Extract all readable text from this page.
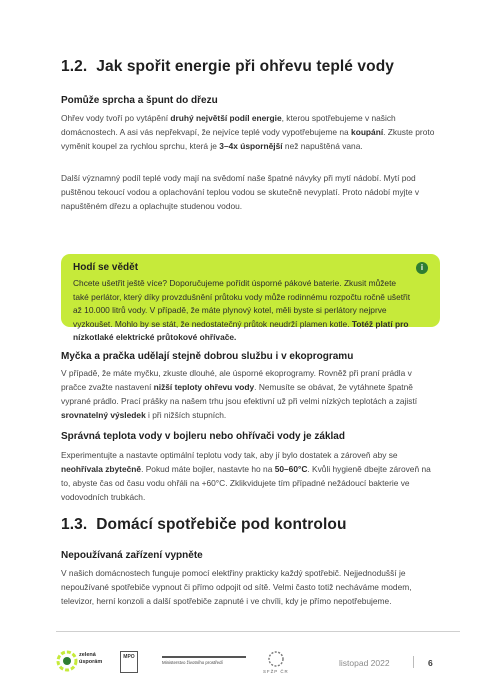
1.2. Jak spořit energie při ohřevu teplé vody
Pomůže sprcha a špunt do dřezu

Ohřev vody tvoří po vytápění druhý největší podíl energie, kterou spotřebujeme v našich domácnostech. A asi vás nepřekvapí, že nejvíce teplé vody vypotřebujeme na koupání. Zkuste proto vyměnit koupel za rychlou sprchu, která je 3–4x úspornější než napuštěná vana.

Další významný podíl teplé vody mají na svědomí naše špatné návyky při mytí nádobí. Mytí pod puštěnou tekoucí vodou a oplachování teplou vodou se skutečně nevyplatí. Proto nádobí myjte v napuštěném dřezu a oplachujte studenou vodou.

Hodí se vědět	i

Chcete ušetřit ještě více? Doporučujeme pořídit úsporné pákové baterie. Zkusit můžete také perlátor, který díky provzdušnění průtoku vody může rodinnému rozpočtu ročně ušetřit až 10.000 litrů vody. V případě, že máte plynový kotel, měli byste si perlátory nejprve vyzkoušet. Mohlo by se stát, že nedostatečný průtok neudrží plamen kotle. Totéž platí pro nízkotlaké elektrické průtokové ohřívače.

Myčka a pračka udělají stejně dobrou službu i v ekoprogramu

V případě, že máte myčku, zkuste dlouhé, ale úsporné ekoprogramy. Rovněž při praní prádla v pračce zvažte nastavení nižší teploty ohřevu vody. Nemusíte se obávat, že vytáhnete špatně vyprané prádlo. Prací prášky na našem trhu jsou efektivní už při velmi nízkých teplotách a zajistí srovnatelný výsledek i při nižších stupních.

Správná teplota vody v bojleru nebo ohřívači vody je základ

Experimentujte a nastavte optimální teplotu vody tak, aby jí bylo dostatek a zároveň aby se neohřívala zbytečně. Pokud máte bojler, nastavte ho na 50–60°C. Kvůli hygieně dbejte zároveň na to, abyste čas od času vodu ohřáli na +60°C. Zklikvidujete tím případné nežádoucí bakterie ve vodovodních trubkách.

1.3. Domácí spotřebiče pod kontrolou
Nepoužívaná zařízení vypněte

V našich domácnostech funguje pomocí elektřiny prakticky každý spotřebič. Nejjednodušší je nepoužívané spotřebiče vypnout či přímo odpojit od sítě. Velmi často totiž necháváme modem, televizor, herní konzoli a další spotřebiče zapnuté i ve chvíli, kdy je přímo nepotřebujeme.

zelená úsporám
MPO
Ministerstvo životního prostředí
SFŽP ČR
listopad 2022	6
